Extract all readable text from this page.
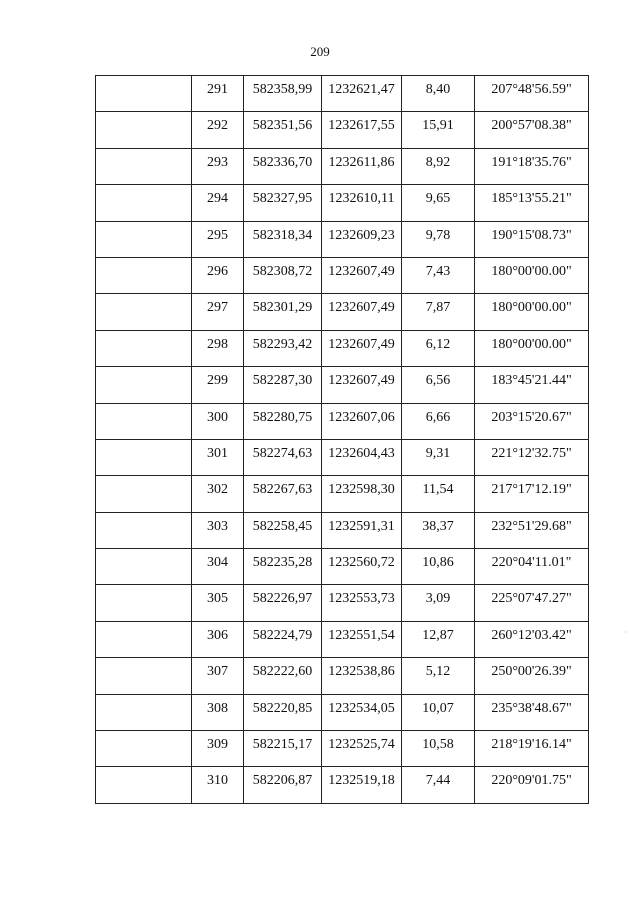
209
	291	582358,99	1232621,47	8,40	207°48'56.59"
	292	582351,56	1232617,55	15,91	200°57'08.38"
	293	582336,70	1232611,86	8,92	191°18'35.76"
	294	582327,95	1232610,11	9,65	185°13'55.21"
	295	582318,34	1232609,23	9,78	190°15'08.73"
	296	582308,72	1232607,49	7,43	180°00'00.00"
	297	582301,29	1232607,49	7,87	180°00'00.00"
	298	582293,42	1232607,49	6,12	180°00'00.00"
	299	582287,30	1232607,49	6,56	183°45'21.44"
	300	582280,75	1232607,06	6,66	203°15'20.67"
	301	582274,63	1232604,43	9,31	221°12'32.75"
	302	582267,63	1232598,30	11,54	217°17'12.19"
	303	582258,45	1232591,31	38,37	232°51'29.68"
	304	582235,28	1232560,72	10,86	220°04'11.01"
	305	582226,97	1232553,73	3,09	225°07'47.27"
	306	582224,79	1232551,54	12,87	260°12'03.42"
	307	582222,60	1232538,86	5,12	250°00'26.39"
	308	582220,85	1232534,05	10,07	235°38'48.67"
	309	582215,17	1232525,74	10,58	218°19'16.14"
	310	582206,87	1232519,18	7,44	220°09'01.75"
·
